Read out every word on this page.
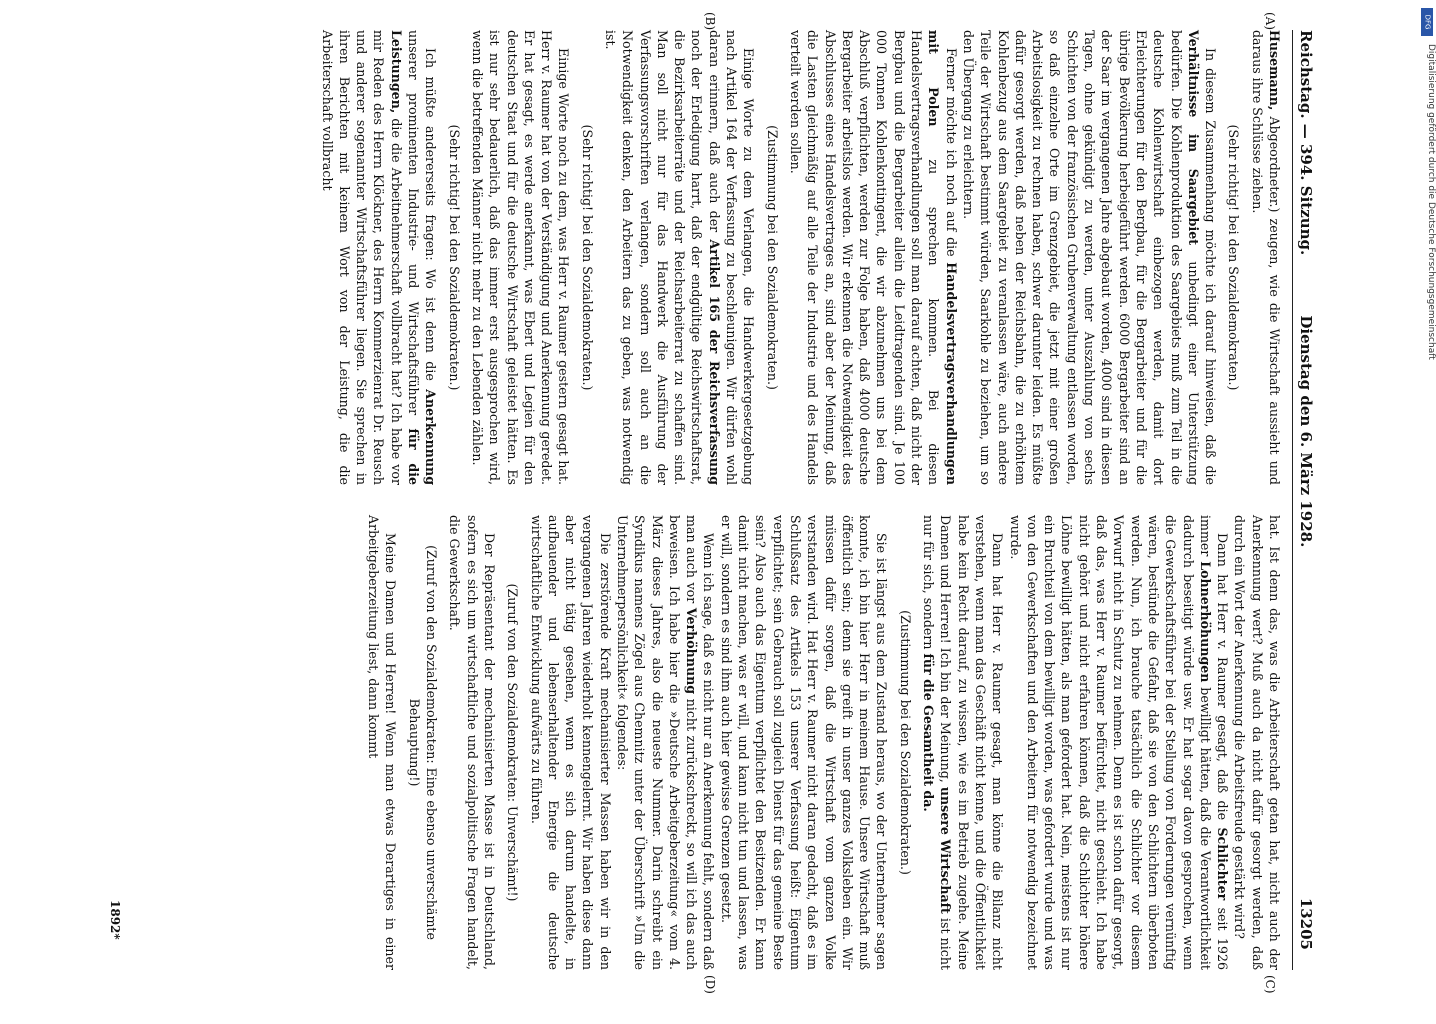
Reichstag. — 394. Sitzung.
Dienstag den 6. März 1928.  13205

Husemann, Abgeordneter.) zeugen, wie die Wirtschaft aussieht und daraus ihre Schlüsse ziehen.

(Sehr richtig! bei den Sozialdemokraten.)

In diesem Zusammenhang möchte ich darauf hinweisen, daß die Verhältnisse im Saargebiet unbedingt einer Unterstützung bedürfen. Die Kohlenproduktion des Saargebiets muß zum Teil in die deutsche Kohlenwirtschaft einbezogen werden, damit dort Erleichterungen für den Bergbau, für die Bergarbeiter und für die übrige Bevölkerung herbeigeführt werden. 6000 Bergarbeiter sind an der Saar im vergangenen Jahre abgebaut worden, 4000 sind in diesen Tagen, ohne gekündigt zu werden, unter Auszahlung von sechs Schichten von der französischen Grubenverwaltung entlassen worden, so daß einzelne Orte im Grenzgebiet, die jetzt mit einer großen Arbeitslosigkeit zu rechnen haben, schwer darunter leiden. Es müßte dafür gesorgt werden, daß neben der Reichsbahn, die zu erhöhtem Kohlenbezug aus dem Saargebiet zu veranlassen wäre, auch andere Teile der Wirtschaft bestimmt würden, Saarkohle zu beziehen, um so den Übergang zu erleichtern.

Ferner möchte ich noch auf die Handelsvertragsverhandlungen mit Polen zu sprechen kommen. Bei diesen Handelsvertragsverhandlungen soll man darauf achten, daß nicht der Bergbau und die Bergarbeiter allein die Leidtragenden sind. Je 100 000 Tonnen Kohlenkontingent, die wir abzunehmen uns bei dem Abschluß verpflichten, werden zur Folge haben, daß 4000 deutsche Bergarbeiter arbeitslos werden. Wir erkennen die Notwendigkeit des Abschlusses eines Handelsvertrages an, sind aber der Meinung, daß die Lasten gleichmäßig auf alle Teile der Industrie und des Handels verteilt werden sollen.

(Zustimmung bei den Sozialdemokraten.)

Einige Worte zu dem Verlangen, die Handwerkergesetzgebung nach Artikel 164 der Verfassung zu beschleunigen. Wir dürfen wohl daran erinnern, daß auch der Artikel 165 der Reichsverfassung noch der Erledigung harrt, daß der endgültige Reichswirtschaftsrat, die Bezirksarbeiterräte und der Reichsarbeiterrat zu schaffen sind. Man soll nicht nur für das Handwerk die Ausführung der Verfassungsvorschriften verlangen, sondern soll auch an die Notwendigkeit denken, den Arbeitern das zu geben, was notwendig ist.

(Sehr richtig! bei den Sozialdemokraten.)

Einige Worte noch zu dem, was Herr v. Raumer gestern gesagt hat. Herr v. Raumer hat von der Verständigung und Anerkennung geredet. Er hat gesagt, es werde anerkannt, was Ebert und Legien für den deutschen Staat und für die deutsche Wirtschaft geleistet hätten. Es ist nur sehr bedauerlich, daß das immer erst ausgesprochen wird, wenn die betreffenden Männer nicht mehr zu den Lebenden zählen.

(Sehr richtig! bei den Sozialdemokraten.)

Ich müßte andererseits fragen: Wo ist denn die Anerkennung unserer prominenten Industrie- und Wirtschaftsführer für die Leistungen, die die Arbeitnehmerschaft vollbracht hat? Ich habe vor mir Reden des Herrn Klöckner, des Herrn Kommerzienrat Dr. Reusch und anderer sogenannter Wirtschaftsführer liegen. Sie sprechen in ihren Berichten mit keinem Wort von der Leistung, die die Arbeiterschaft vollbracht

hat. Ist denn das, was die Arbeiterschaft getan hat, nicht auch der Anerkennung wert? Muß auch da nicht dafür gesorgt werden, daß durch ein Wort der Anerkennung die Arbeitsfreude gestärkt wird?

Dann hat Herr v. Raumer gesagt, daß die Schlichter seit 1926 immer Lohnerhöhungen bewilligt hätten, daß die Verantwortlichkeit dadurch beseitigt würde usw. Er hat sogar davon gesprochen, wenn die Gewerkschaftsführer bei der Stellung von Forderungen vernünftig wären, bestünde die Gefahr, daß sie von den Schlichtern überboten werden. Nun, ich brauche tatsächlich die Schlichter vor diesem Vorwurf nicht in Schutz zu nehmen. Denn es ist schon dafür gesorgt, daß das, was Herr v. Raumer befürchtet, nicht geschieht. Ich habe nicht gehört und nicht erfahren können, daß die Schlichter höhere Löhne bewilligt hätten, als man gefordert hat. Nein, meistens ist nur ein Bruchteil von dem bewilligt worden, was gefordert wurde und was von den Gewerkschaften und den Arbeitern für notwendig bezeichnet wurde.

Dann hat Herr v. Raumer gesagt, man könne die Bilanz nicht verstehen, wenn man das Geschäft nicht kenne, und die Öffentlichkeit habe kein Recht darauf, zu wissen, wie es im Betrieb zugehe. Meine Damen und Herren! Ich bin der Meinung, unsere Wirtschaft ist nicht nur für sich, sondern für die Gesamtheit da.

(Zustimmung bei den Sozialdemokraten.)

Sie ist längst aus dem Zustand heraus, wo der Unternehmer sagen konnte, ich bin hier Herr in meinem Hause. Unsere Wirtschaft muß öffentlich sein; denn sie greift in unser ganzes Volksleben ein. Wir müssen dafür sorgen, daß die Wirtschaft vom ganzen Volke verstanden wird. Hat Herr v. Raumer nicht daran gedacht, daß es im Schlußsatz des Artikels 153 unserer Verfassung heißt: Eigentum verpflichtet; sein Gebrauch soll zugleich Dienst für das gemeine Beste sein? Also auch das Eigentum verpflichtet den Besitzenden. Er kann damit nicht machen, was er will, und kann nicht tun und lassen, was er will, sondern es sind ihm auch hier gewisse Grenzen gesetzt.

Wenn ich sage, daß es nicht nur an Anerkennung fehlt, sondern daß man auch vor Verhöhnung nicht zurückschreckt, so will ich das auch beweisen. Ich habe hier die »Deutsche Arbeitgeberzeitung« vom 4. März dieses Jahres, also die neueste Nummer. Darin schreibt ein Syndikus namens Zögel aus Chemnitz unter der Überschrift »Um die Unternehmerpersönlichkeit« folgendes:

Die zerstörende Kraft mechanisierter Massen haben wir in den vergangenen Jahren wiederholt kennengelernt. Wir haben diese dann aber nicht tätig gesehen, wenn es sich darum handelte, in aufbauender und lebenserhaltender Energie die deutsche wirtschaftliche Entwicklung aufwärts zu führen.

(Zuruf von den Sozialdemokraten: Unverschämt!)

Der Repräsentant der mechanisierten Masse ist in Deutschland, sofern es sich um wirtschaftliche und sozialpolitische Fragen handelt, die Gewerkschaft.

(Zuruf von den Sozialdemokraten: Eine ebenso unverschämte Behauptung!)

Meine Damen und Herren! Wenn man etwas Derartiges in einer Arbeitgeberzeitung liest, dann kommt

(A)
(B)
(C)
(D)
1892*
DFG
Digitalisierung gefördert durch die Deutsche Forschungsgemeinschaft
